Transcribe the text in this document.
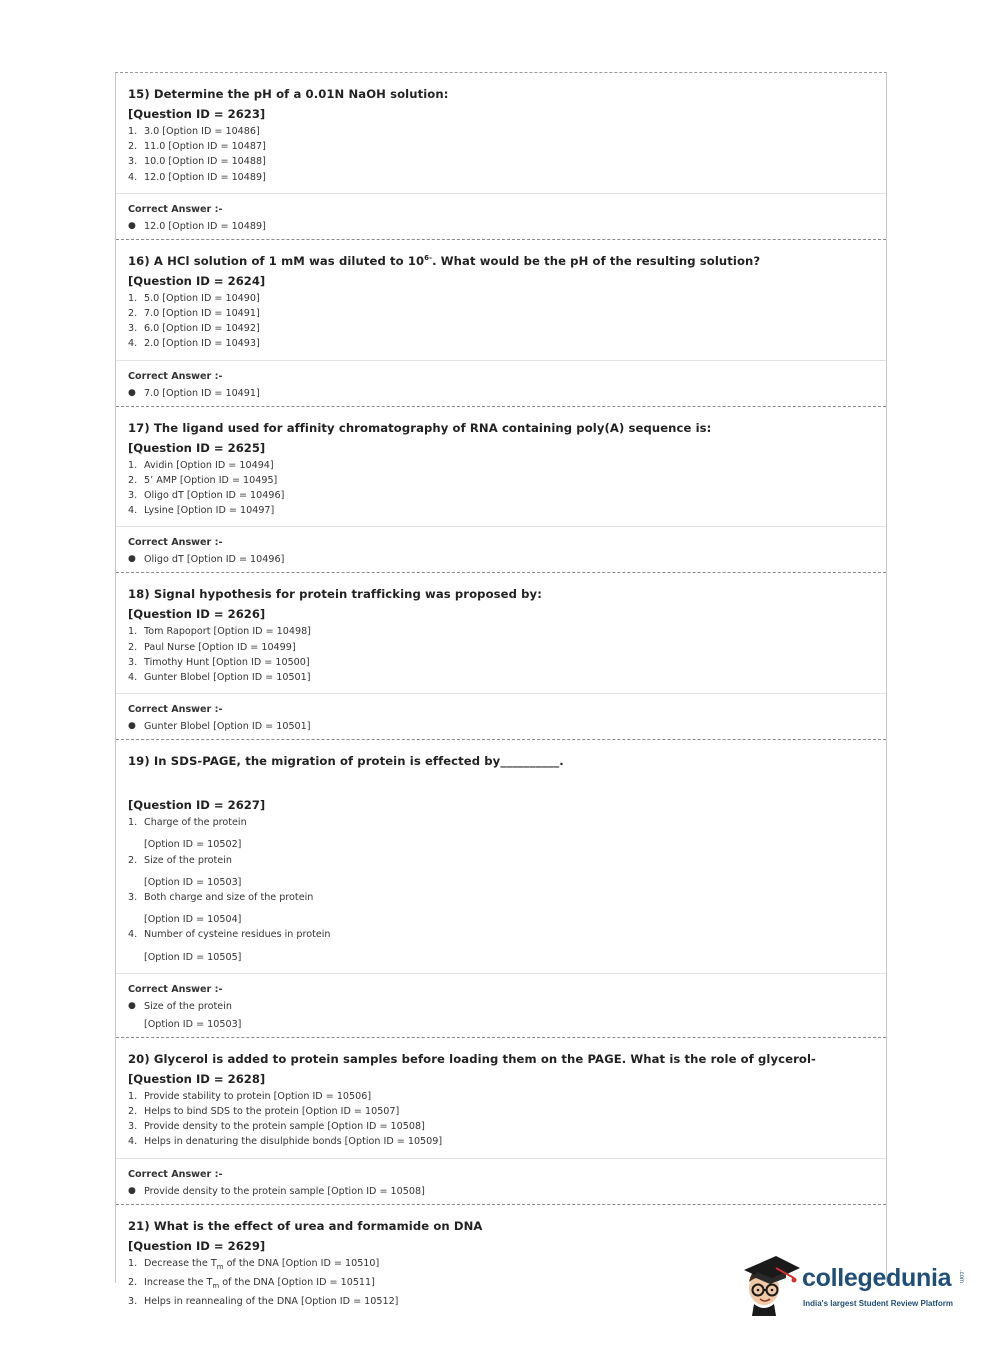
15) Determine the pH of a 0.01N NaOH solution:
[Question ID = 2623]
1. 3.0 [Option ID = 10486]
2. 11.0 [Option ID = 10487]
3. 10.0 [Option ID = 10488]
4. 12.0 [Option ID = 10489]
Correct Answer :-
● 12.0 [Option ID = 10489]
16) A HCl solution of 1 mM was diluted to $10^{6-}$. What would be the pH of the resulting solution?
[Question ID = 2624]
1. 5.0 [Option ID = 10490]
2. 7.0 [Option ID = 10491]
3. 6.0 [Option ID = 10492]
4. 2.0 [Option ID = 10493]
Correct Answer :-
● 7.0 [Option ID = 10491]
17) The ligand used for affinity chromatography of RNA containing poly(A) sequence is:
[Question ID = 2625]
1. Avidin [Option ID = 10494]
2. 5’ AMP [Option ID = 10495]
3. Oligo dT [Option ID = 10496]
4. Lysine [Option ID = 10497]
Correct Answer :-
● Oligo dT [Option ID = 10496]
18) Signal hypothesis for protein trafficking was proposed by:
[Question ID = 2626]
1. Tom Rapoport [Option ID = 10498]
2. Paul Nurse [Option ID = 10499]
3. Timothy Hunt [Option ID = 10500]
4. Gunter Blobel [Option ID = 10501]
Correct Answer :-
● Gunter Blobel [Option ID = 10501]
19) In SDS-PAGE, the migration of protein is effected by__________.
[Question ID = 2627]
1. Charge of the protein
[Option ID = 10502]
2. Size of the protein
[Option ID = 10503]
3. Both charge and size of the protein
[Option ID = 10504]
4. Number of cysteine residues in protein
[Option ID = 10505]
Correct Answer :-
● Size of the protein
[Option ID = 10503]
20) Glycerol is added to protein samples before loading them on the PAGE. What is the role of glycerol-
[Question ID = 2628]
1. Provide stability to protein [Option ID = 10506]
2. Helps to bind SDS to the protein [Option ID = 10507]
3. Provide density to the protein sample [Option ID = 10508]
4. Helps in denaturing the disulphide bonds [Option ID = 10509]
Correct Answer :-
● Provide density to the protein sample [Option ID = 10508]
21) What is the effect of urea and formamide on DNA
[Question ID = 2629]
1. Decrease the $T_m$ of the DNA [Option ID = 10510]
2. Increase the $T_m$ of the DNA [Option ID = 10511]
3. Helps in reannealing of the DNA [Option ID = 10512]
collegedunia .com
India's largest Student Review Platform
